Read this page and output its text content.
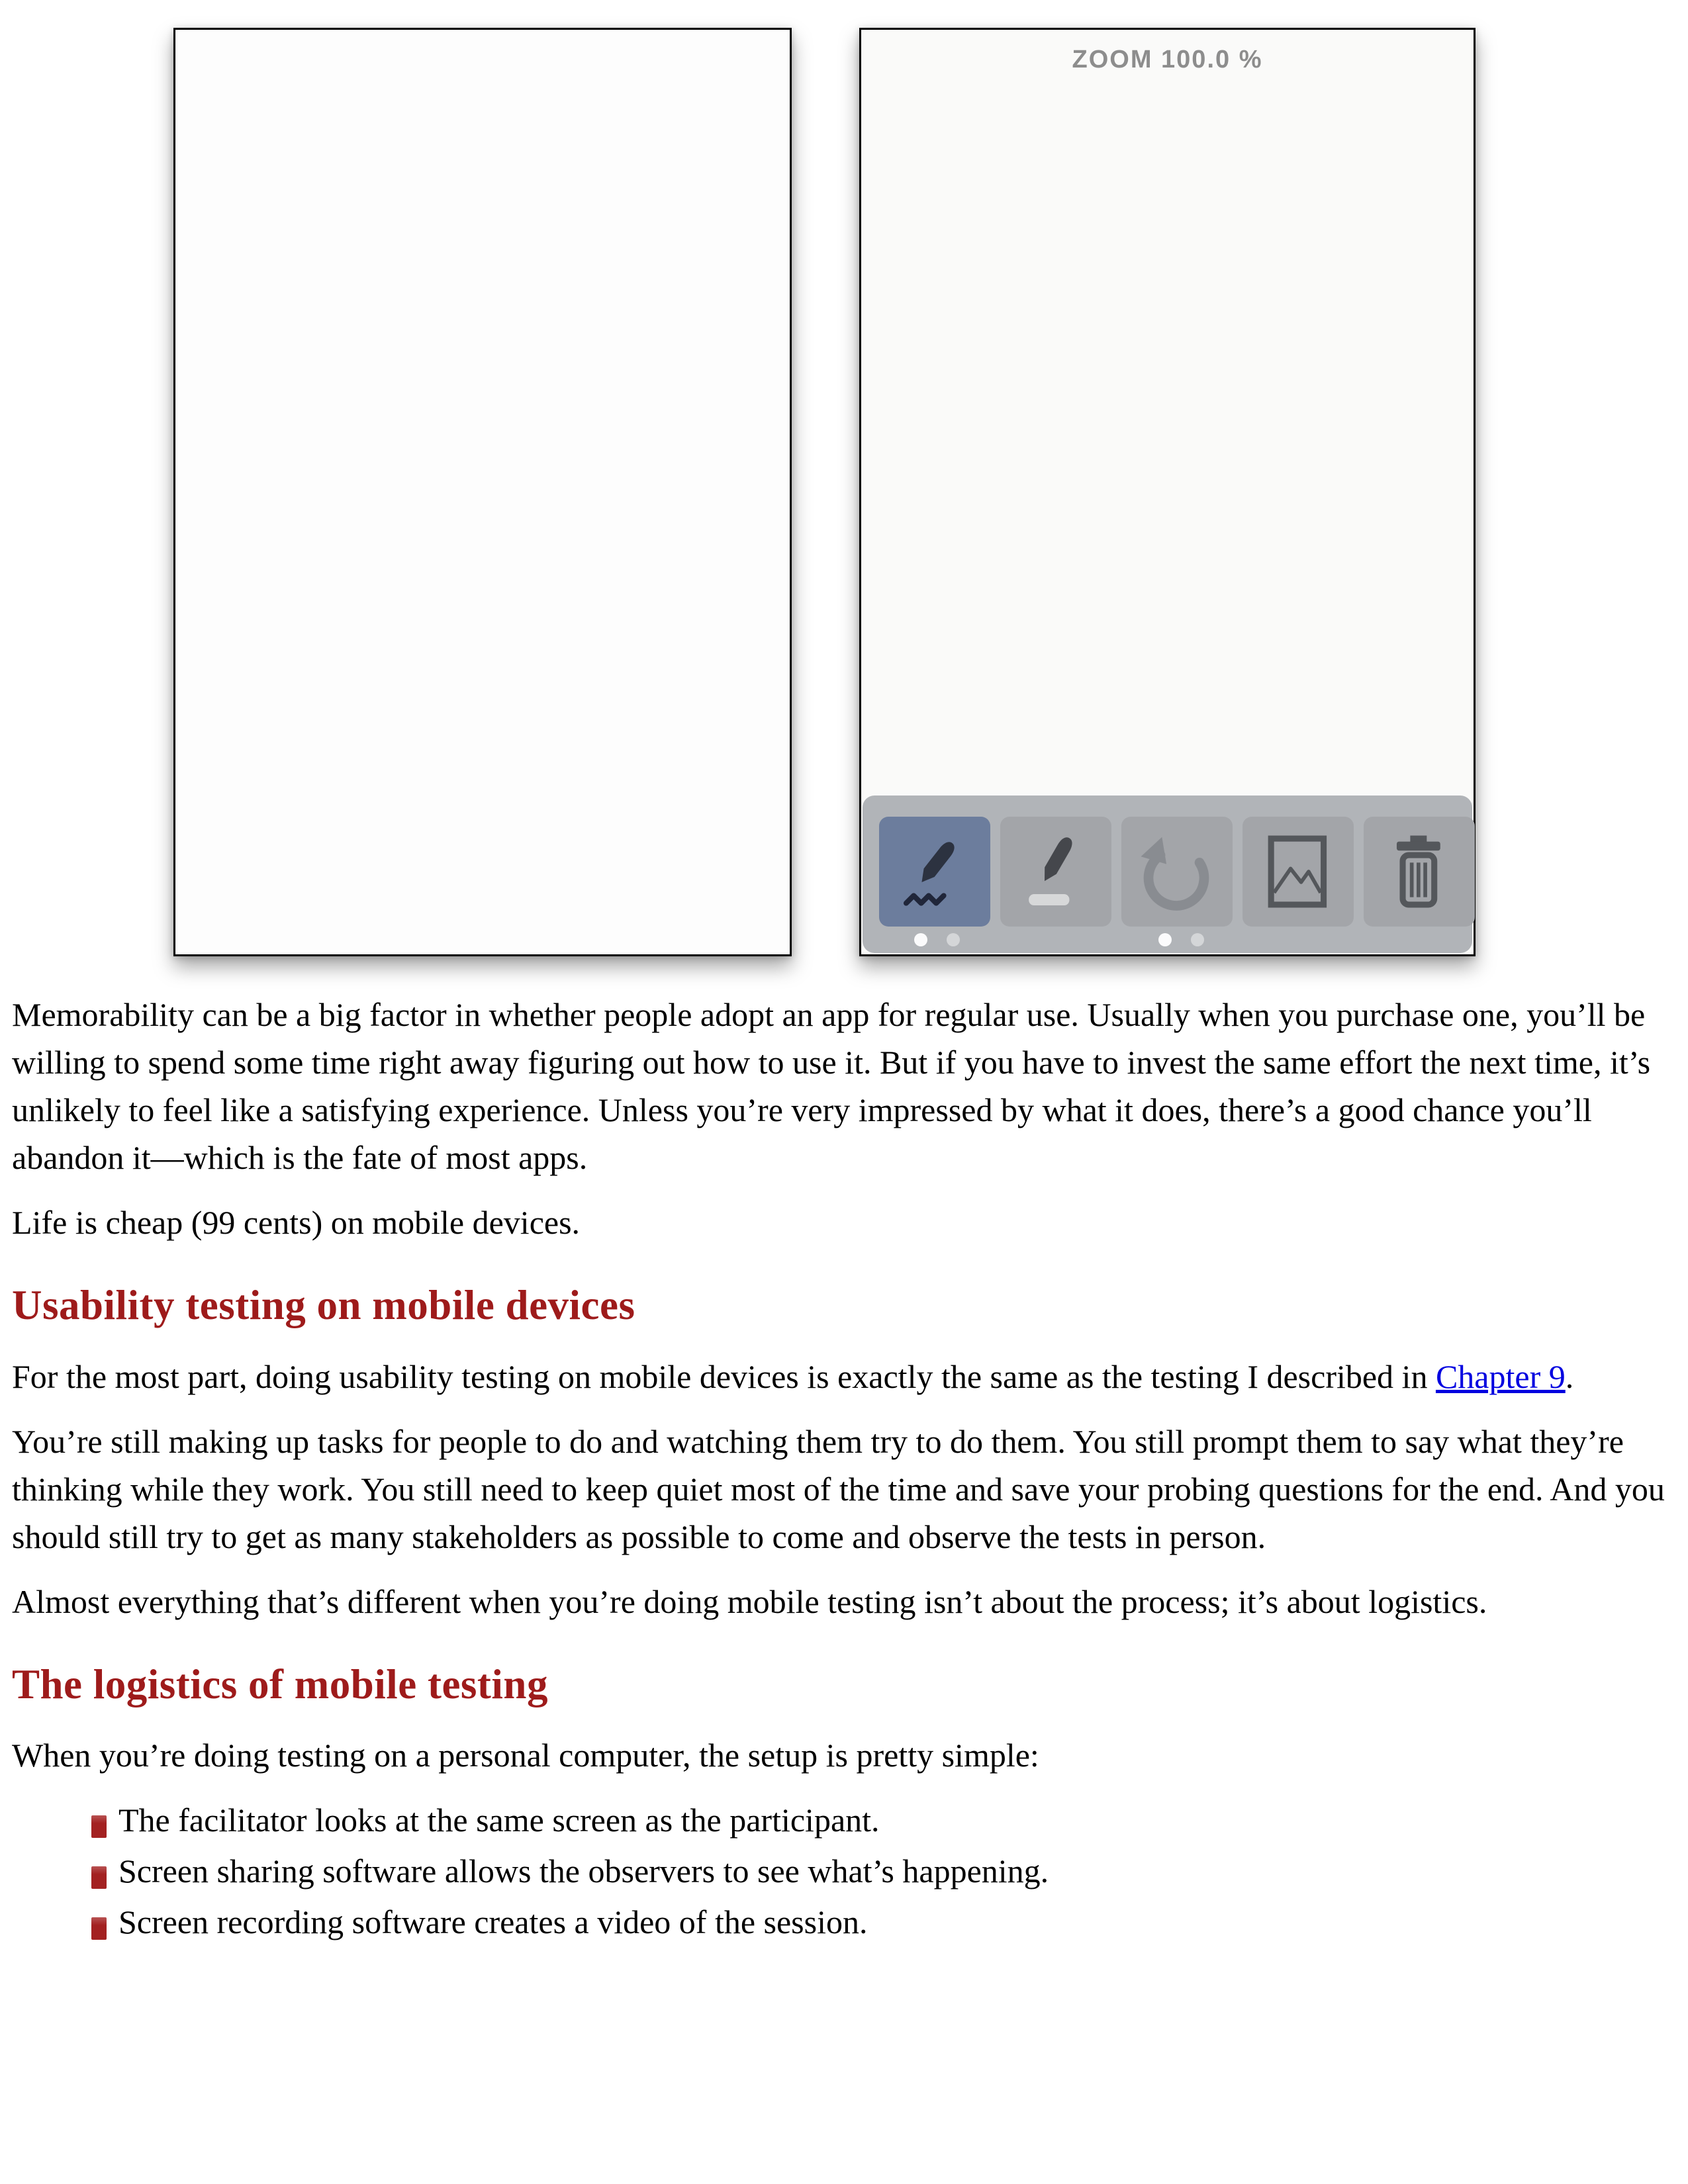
ZOOM 100.0 %

Memorability can be a big factor in whether people adopt an app for regular use. Usually when you purchase one, you’ll be willing to spend some time right away figuring out how to use it. But if you have to invest the same effort the next time, it’s unlikely to feel like a satisfying experience. Unless you’re very impressed by what it does, there’s a good chance you’ll abandon it—which is the fate of most apps.

Life is cheap (99 cents) on mobile devices.

Usability testing on mobile devices

For the most part, doing usability testing on mobile devices is exactly the same as the testing I described in Chapter 9.

You’re still making up tasks for people to do and watching them try to do them. You still prompt them to say what they’re thinking while they work. You still need to keep quiet most of the time and save your probing questions for the end. And you should still try to get as many stakeholders as possible to come and observe the tests in person.

Almost everything that’s different when you’re doing mobile testing isn’t about the process; it’s about logistics.

The logistics of mobile testing

When you’re doing testing on a personal computer, the setup is pretty simple:

The facilitator looks at the same screen as the participant.
Screen sharing software allows the observers to see what’s happening.
Screen recording software creates a video of the session.
